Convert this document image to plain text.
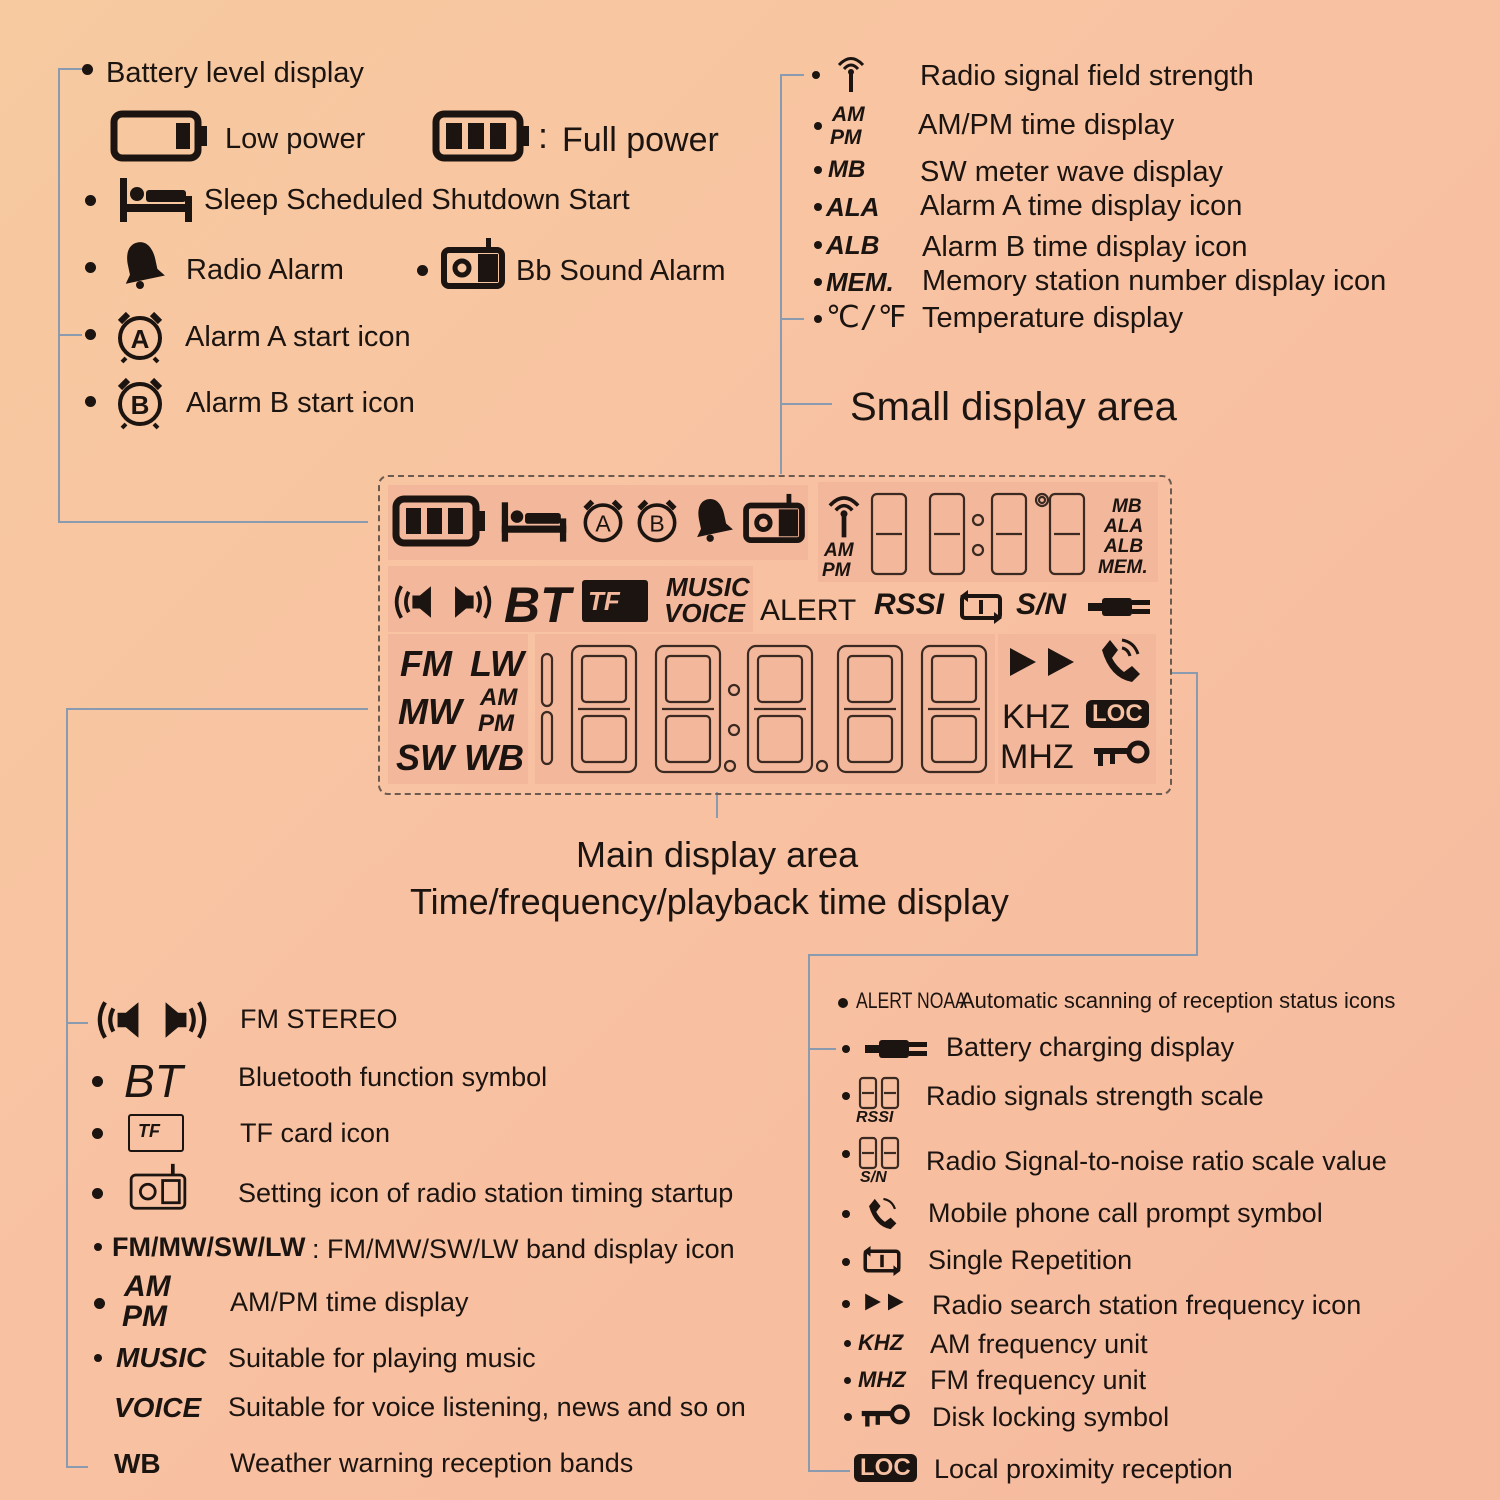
Battery level display
Low power	: Full power
Sleep Scheduled Shutdown Start
Radio Alarm	Bb Sound Alarm
A Alarm A start icon
B Alarm B start icon
Radio signal field strength
AM
PM AM/PM time display
MB SW meter wave display
ALA Alarm A time display icon
ALB Alarm B time display icon
MEM. Memory station number display icon
℃/℉ Temperature display
Small display area
A B
AM
PM
MB
ALA
ALB
MEM.
BT TF MUSIC
VOICE ALERT RSSI S/N
FM LW
MW AM
PM
SW WB
KHZ LOC
MHZ
Main display area
Time/frequency/playback time display
FM STEREO
BT Bluetooth function symbol
TF	TF card icon
Setting icon of radio station timing startup
FM/MW/SW/LW : FM/MW/SW/LW band display icon
AM
PM AM/PM time display
MUSIC Suitable for playing music
VOICE Suitable for voice listening, news and so on
WB	Weather warning reception bands
ALERT NOAA
Automatic scanning of reception status icons
Battery charging display
RSSI
Radio signals strength scale
S/N
Radio Signal-to-noise ratio scale value
Mobile phone call prompt symbol
Single Repetition
Radio search station frequency icon
KHZ AM frequency unit
MHZ FM frequency unit
Disk locking symbol
LOC Local proximity reception
